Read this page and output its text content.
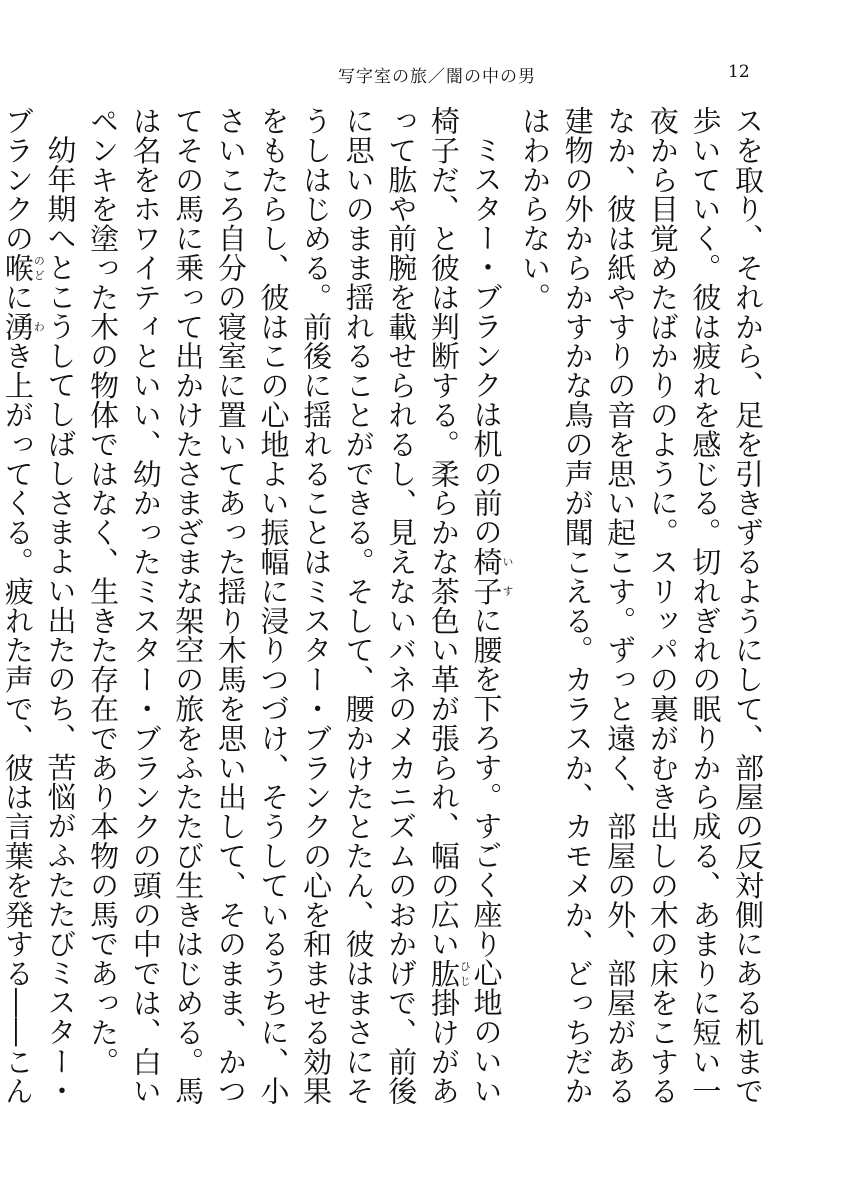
写字室の旅／闇の中の男	12

スを取り、それから、足を引きずるようにして、部屋の反対側にある机まで歩いていく。彼は疲れを感じる。切れぎれの眠りから成る、あまりに短い一夜から目覚めたばかりのように。スリッパの裏がむき出しの木の床をこするなか、彼は紙やすりの音を思い起こす。ずっと遠く、部屋の外、部屋がある建物の外からかすかな鳥の声が聞こえる。カラスか、カモメか、どっちだかはわからない。

ミスター・ブランクは机の前の椅子いすに腰を下ろす。すごく座り心地のいい椅子だ、と彼は判断する。柔らかな茶色い革が張られ、幅の広い肱ひじ掛けがあって肱や前腕を載せられるし、見えないバネのメカニズムのおかげで、前後に思いのまま揺れることができる。そして、腰かけたとたん、彼はまさにそうしはじめる。前後に揺れることはミスター・ブランクの心を和ませる効果をもたらし、彼はこの心地よい振幅に浸りつづけ、そうしているうちに、小さいころ自分の寝室に置いてあった揺り木馬を思い出して、そのまま、かつてその馬に乗って出かけたさまざまな架空の旅をふたたび生きはじめる。馬は名をホワイティといい、幼かったミスター・ブランクの頭の中では、白いペンキを塗った木の物体ではなく、生きた存在であり本物の馬であった。

幼年期へとこうしてしばしさまよい出たのち、苦悩がふたたびミスター・ブランクの喉のどに湧わき上がってくる。疲れた声で、彼は言葉を発する――こん
